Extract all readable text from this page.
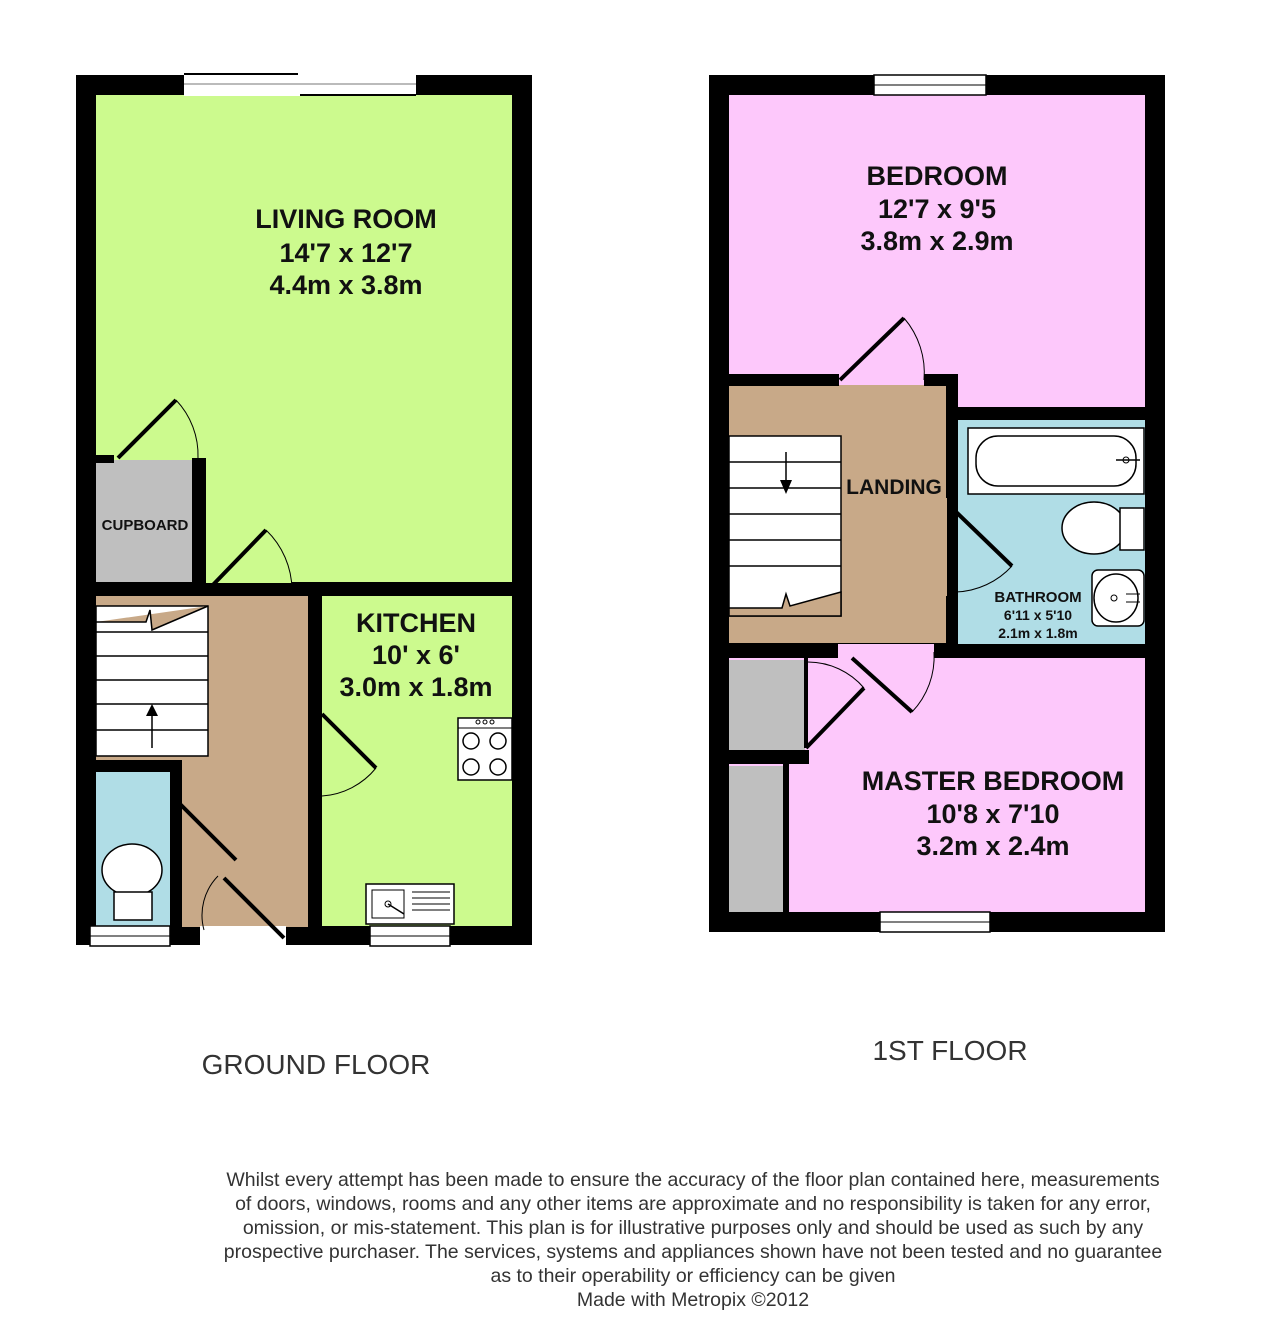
LIVING ROOM
14'7 x 12'7
4.4m x 3.8m
KITCHEN
10' x 6'
3.0m x 1.8m
CUPBOARD
BEDROOM
12'7 x 9'5
3.8m x 2.9m
LANDING
BATHROOM
6'11 x 5'10
2.1m x 1.8m
MASTER BEDROOM
10'8 x 7'10
3.2m x 2.4m
GROUND FLOOR	1ST FLOOR
Whilst every attempt has been made to ensure the accuracy of the floor plan contained here, measurements
of doors, windows, rooms and any other items are approximate and no responsibility is taken for any error,
omission, or mis-statement. This plan is for illustrative purposes only and should be used as such by any
prospective purchaser. The services, systems and appliances shown have not been tested and no guarantee
as to their operability or efficiency can be given
Made with Metropix ©2012
